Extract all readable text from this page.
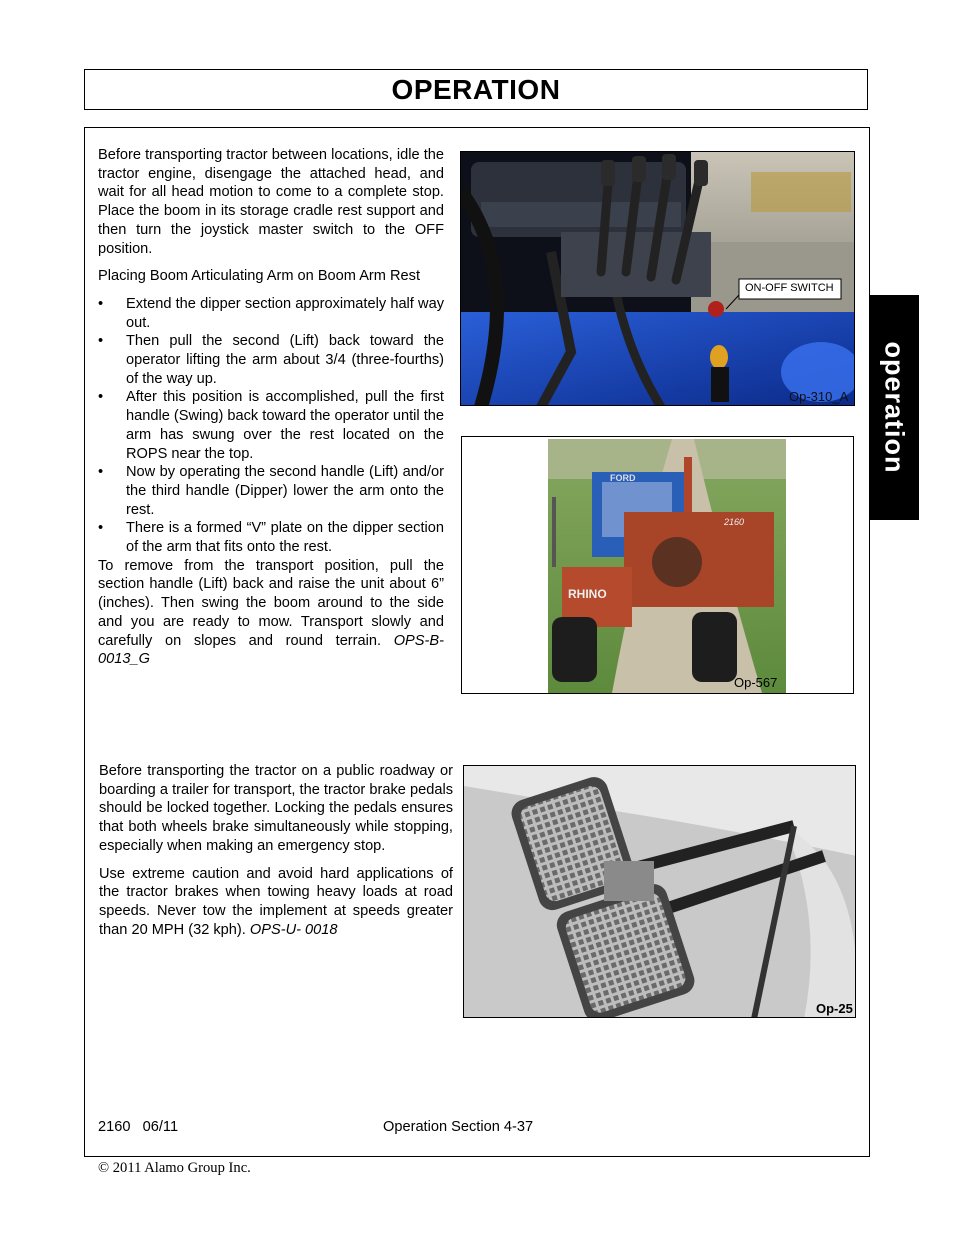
OPERATION
operation

Before transporting tractor between locations, idle the tractor engine, disengage the attached head, and wait for all head motion to come to a complete stop. Place the boom in its storage cradle rest support and then turn the joystick master switch to the OFF position.

Placing Boom Articulating Arm on Boom Arm Rest

• Extend the dipper section approximately half way out.
• Then pull the second (Lift) back toward the operator lifting the arm about 3/4 (three-fourths) of the way up.
• After this position is accomplished, pull the first handle (Swing) back toward the operator until the arm has swung over the rest located on the ROPS near the top.
• Now by operating the second handle (Lift) and/or the third handle (Dipper) lower the arm onto the rest.
• There is a formed “V” plate on the dipper section of the arm that fits onto the rest.

To remove from the transport position, pull the section handle (Lift) back and raise the unit about 6” (inches). Then swing the boom around to the side and you are ready to mow. Transport slowly and carefully on slopes and round terrain. OPS-B-0013_G

ON-OFF SWITCH
Op-310_A
RHINO
2160
FORD
Op-567

Before transporting the tractor on a public roadway or boarding a trailer for transport, the tractor brake pedals should be locked together. Locking the pedals ensures that both wheels brake simultaneously while stopping, especially when making an emergency stop.

Use extreme caution and avoid hard applications of the tractor brakes when towing heavy loads at road speeds. Never tow the implement at speeds greater than 20 MPH (32 kph). OPS-U- 0018

Op-25
2160   06/11	Operation Section 4-37
© 2011 Alamo Group Inc.
